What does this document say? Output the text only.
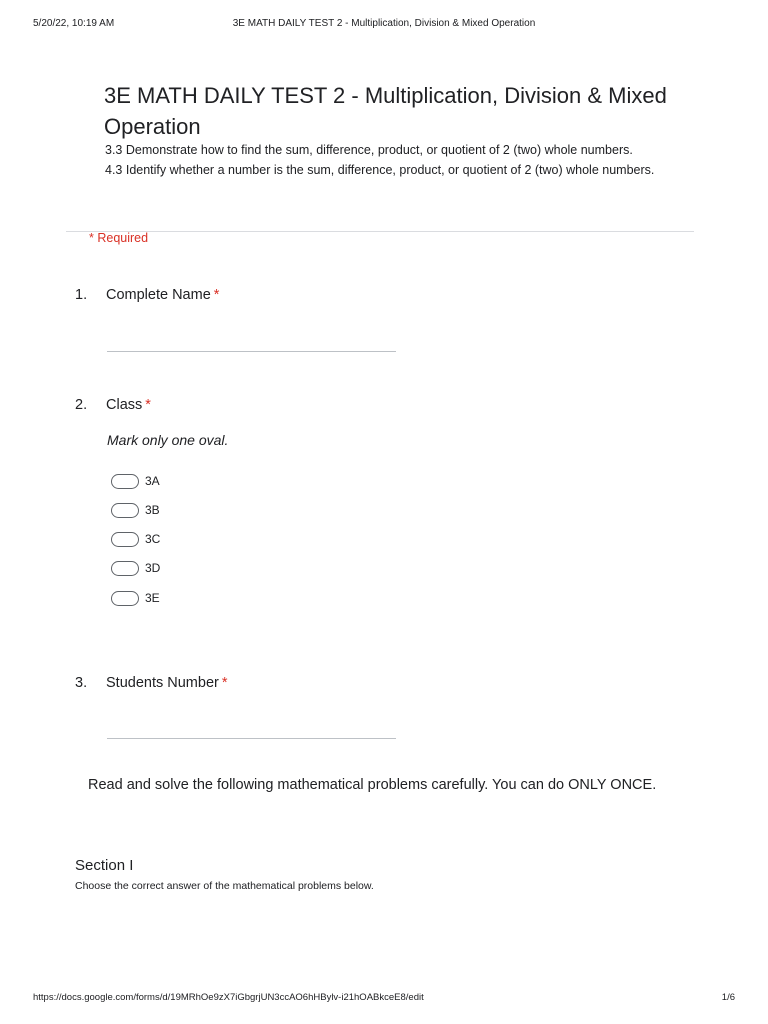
5/20/22, 10:19 AM	3E MATH DAILY TEST 2 - Multiplication, Division & Mixed Operation
3E MATH DAILY TEST 2 - Multiplication, Division & Mixed Operation
3.3 Demonstrate how to find the sum, difference, product, or quotient of 2 (two) whole numbers.
4.3 Identify whether a number is the sum, difference, product, or quotient of 2 (two) whole numbers.
* Required
1. Complete Name *
2. Class *
Mark only one oval.
3A
3B
3C
3D
3E
3. Students Number *
Read and solve the following mathematical problems carefully. You can do ONLY ONCE.
Section I
Choose the correct answer of the mathematical problems below.
https://docs.google.com/forms/d/19MRhOe9zX7iGbgrjUN3ccAO6hHBylv-i21hOABkceE8/edit	1/6
